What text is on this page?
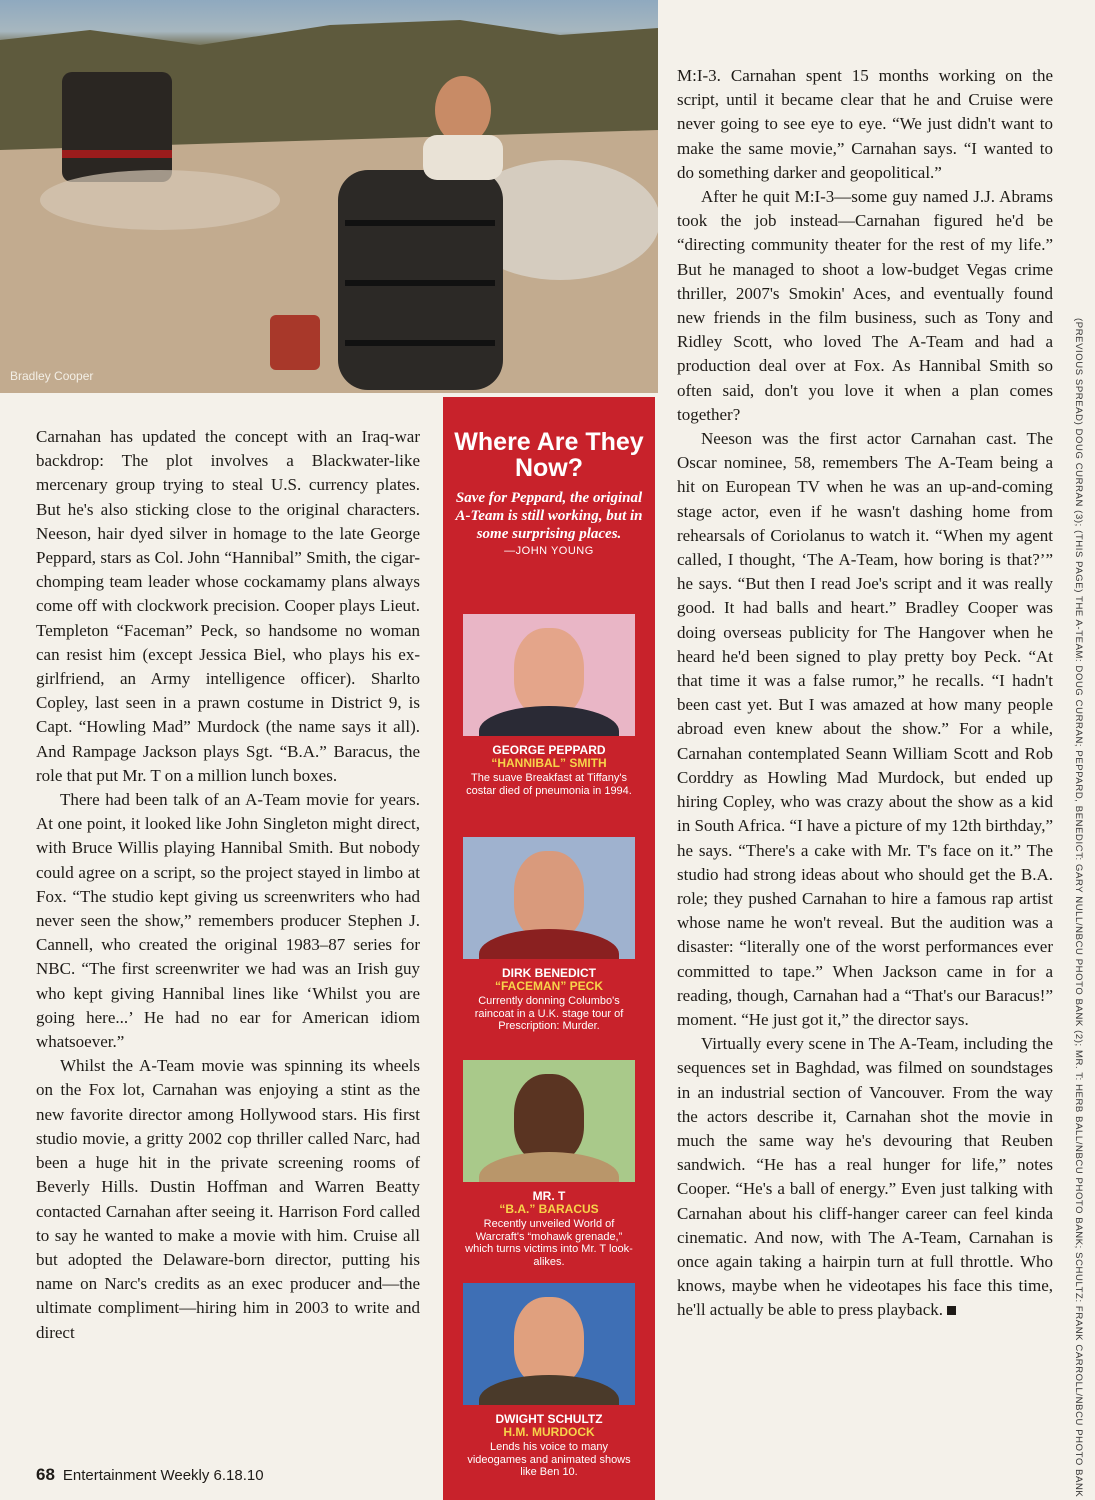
Bradley Cooper

Carnahan has updated the concept with an Iraq-war backdrop: The plot involves a Blackwater-like mercenary group trying to steal U.S. currency plates. But he's also sticking close to the original characters. Neeson, hair dyed silver in homage to the late George Peppard, stars as Col. John “Hannibal” Smith, the cigar-chomping team leader whose cockamamy plans always come off with clockwork precision. Cooper plays Lieut. Templeton “Faceman” Peck, so handsome no woman can resist him (except Jessica Biel, who plays his ex-girlfriend, an Army intelligence officer). Sharlto Copley, last seen in a prawn costume in District 9, is Capt. “Howling Mad” Murdock (the name says it all). And Rampage Jackson plays Sgt. “B.A.” Baracus, the role that put Mr. T on a million lunch boxes.

There had been talk of an A-Team movie for years. At one point, it looked like John Singleton might direct, with Bruce Willis playing Hannibal Smith. But nobody could agree on a script, so the project stayed in limbo at Fox. “The studio kept giving us screenwriters who had never seen the show,” remembers producer Stephen J. Cannell, who created the original 1983–87 series for NBC. “The first screenwriter we had was an Irish guy who kept giving Hannibal lines like ‘Whilst you are going here...’ He had no ear for American idiom whatsoever.”

Whilst the A-Team movie was spinning its wheels on the Fox lot, Carnahan was enjoying a stint as the new favorite director among Hollywood stars. His first studio movie, a gritty 2002 cop thriller called Narc, had been a huge hit in the private screening rooms of Beverly Hills. Dustin Hoffman and Warren Beatty contacted Carnahan after seeing it. Harrison Ford called to say he wanted to make a movie with him. Cruise all but adopted the Delaware-born director, putting his name on Narc's credits as an exec producer and—the ultimate compliment—hiring him in 2003 to write and direct

Where Are They Now?
Save for Peppard, the original A-Team is still working, but in some surprising places.
—JOHN YOUNG
GEORGE PEPPARD
“HANNIBAL” SMITH
The suave Breakfast at Tiffany's costar died of pneumonia in 1994.
DIRK BENEDICT
“FACEMAN” PECK
Currently donning Columbo's raincoat in a U.K. stage tour of Prescription: Murder.
MR. T
“B.A.” BARACUS
Recently unveiled World of Warcraft's “mohawk grenade,” which turns victims into Mr. T look-alikes.
DWIGHT SCHULTZ
H.M. MURDOCK
Lends his voice to many videogames and animated shows like Ben 10.

M:I-3. Carnahan spent 15 months working on the script, until it became clear that he and Cruise were never going to see eye to eye. “We just didn't want to make the same movie,” Carnahan says. “I wanted to do something darker and geopolitical.”

After he quit M:I-3—some guy named J.J. Abrams took the job instead—Carnahan figured he'd be “directing community theater for the rest of my life.” But he managed to shoot a low-budget Vegas crime thriller, 2007's Smokin' Aces, and eventually found new friends in the film business, such as Tony and Ridley Scott, who loved The A-Team and had a production deal over at Fox. As Hannibal Smith so often said, don't you love it when a plan comes together?

Neeson was the first actor Carnahan cast. The Oscar nominee, 58, remembers The A-Team being a hit on European TV when he was an up-and-coming stage actor, even if he wasn't dashing home from rehearsals of Coriolanus to watch it. “When my agent called, I thought, ‘The A-Team, how boring is that?’” he says. “But then I read Joe's script and it was really good. It had balls and heart.” Bradley Cooper was doing overseas publicity for The Hangover when he heard he'd been signed to play pretty boy Peck. “At that time it was a false rumor,” he recalls. “I hadn't been cast yet. But I was amazed at how many people abroad even knew about the show.” For a while, Carnahan contemplated Seann William Scott and Rob Corddry as Howling Mad Murdock, but ended up hiring Copley, who was crazy about the show as a kid in South Africa. “I have a picture of my 12th birthday,” he says. “There's a cake with Mr. T's face on it.” The studio had strong ideas about who should get the B.A. role; they pushed Carnahan to hire a famous rap artist whose name he won't reveal. But the audition was a disaster: “literally one of the worst performances ever committed to tape.” When Jackson came in for a reading, though, Carnahan had a “That's our Baracus!” moment. “He just got it,” the director says.

Virtually every scene in The A-Team, including the sequences set in Baghdad, was filmed on soundstages in an industrial section of Vancouver. From the way the actors describe it, Carnahan shot the movie in much the same way he's devouring that Reuben sandwich. “He has a real hunger for life,” notes Cooper. “He's a ball of energy.” Even just talking with Carnahan about his cliff-hanger career can feel kinda cinematic. And now, with The A-Team, Carnahan is once again taking a hairpin turn at full throttle. Who knows, maybe when he videotapes his face this time, he'll actually be able to press playback.	(PREVIOUS SPREAD) DOUG CURRAN (3); (THIS PAGE) THE A-TEAM: DOUG CURRAN; PEPPARD, BENEDICT: GARY NULL/NBCU PHOTO BANK (2); MR. T: HERB BALL/NBCU PHOTO BANK; SCHULTZ: FRANK CARROLL/NBCU PHOTO BANK
68 Entertainment Weekly 6.18.10
